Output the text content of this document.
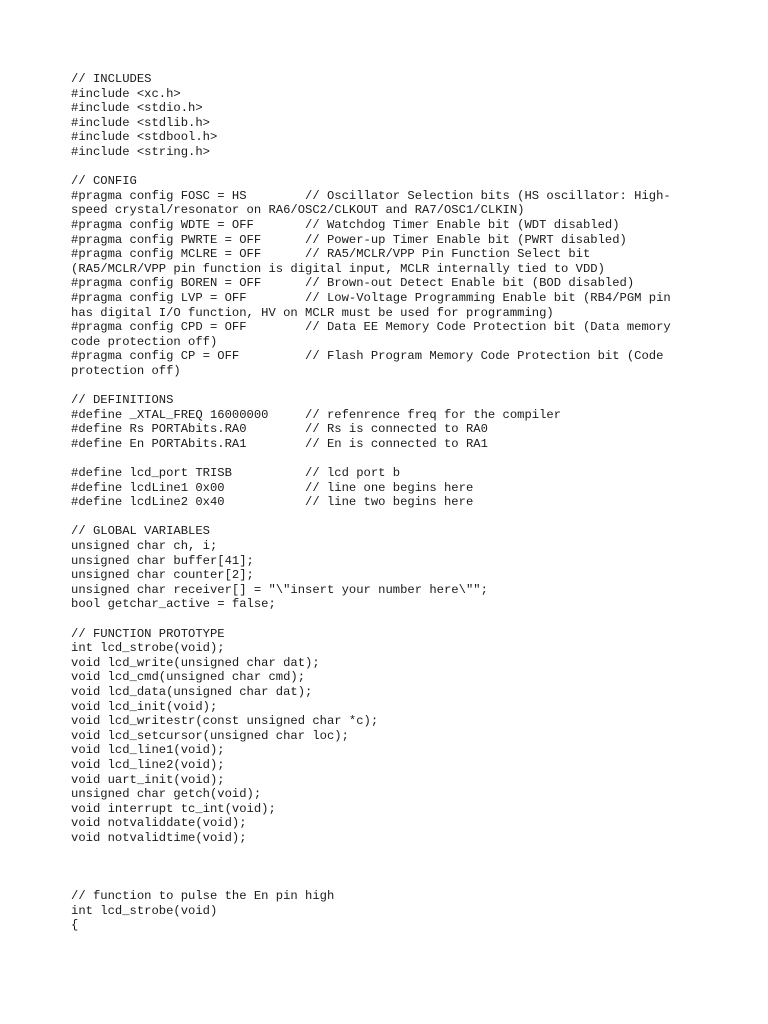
// INCLUDES
#include <xc.h>
#include <stdio.h>
#include <stdlib.h>
#include <stdbool.h>
#include <string.h>
// CONFIG
#pragma config FOSC = HS        // Oscillator Selection bits (HS oscillator: High-
speed crystal/resonator on RA6/OSC2/CLKOUT and RA7/OSC1/CLKIN)
#pragma config WDTE = OFF       // Watchdog Timer Enable bit (WDT disabled)
#pragma config PWRTE = OFF      // Power-up Timer Enable bit (PWRT disabled)
#pragma config MCLRE = OFF      // RA5/MCLR/VPP Pin Function Select bit
(RA5/MCLR/VPP pin function is digital input, MCLR internally tied to VDD)
#pragma config BOREN = OFF      // Brown-out Detect Enable bit (BOD disabled)
#pragma config LVP = OFF        // Low-Voltage Programming Enable bit (RB4/PGM pin
has digital I/O function, HV on MCLR must be used for programming)
#pragma config CPD = OFF        // Data EE Memory Code Protection bit (Data memory
code protection off)
#pragma config CP = OFF         // Flash Program Memory Code Protection bit (Code
protection off)
// DEFINITIONS
#define _XTAL_FREQ 16000000     // refenrence freq for the compiler
#define Rs PORTAbits.RA0        // Rs is connected to RA0
#define En PORTAbits.RA1        // En is connected to RA1
#define lcd_port TRISB          // lcd port b
#define lcdLine1 0x00           // line one begins here
#define lcdLine2 0x40           // line two begins here
// GLOBAL VARIABLES
unsigned char ch, i;
unsigned char buffer[41];
unsigned char counter[2];
unsigned char receiver[] = "\"insert your number here\"";
bool getchar_active = false;
// FUNCTION PROTOTYPE
int lcd_strobe(void);
void lcd_write(unsigned char dat);
void lcd_cmd(unsigned char cmd);
void lcd_data(unsigned char dat);
void lcd_init(void);
void lcd_writestr(const unsigned char *c);
void lcd_setcursor(unsigned char loc);
void lcd_line1(void);
void lcd_line2(void);
void uart_init(void);
unsigned char getch(void);
void interrupt tc_int(void);
void notvaliddate(void);
void notvalidtime(void);
// function to pulse the En pin high
int lcd_strobe(void)
{
